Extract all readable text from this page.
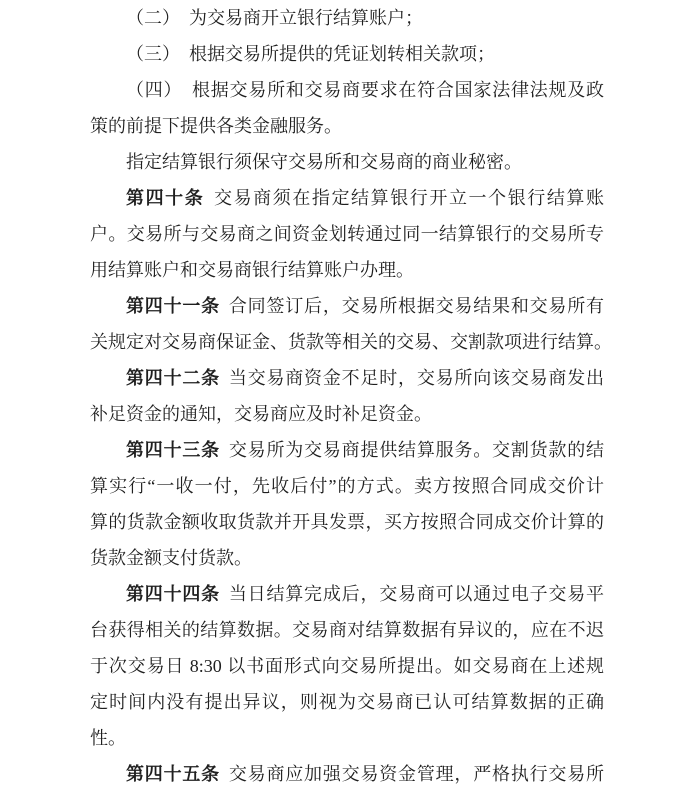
（二）　为交易商开立银行结算账户；

（三）　根据交易所提供的凭证划转相关款项；

（四）　根据交易所和交易商要求在符合国家法律法规及政
策的前提下提供各类金融服务。

指定结算银行须保守交易所和交易商的商业秘密。

第四十条 交易商须在指定结算银行开立一个银行结算账
户。交易所与交易商之间资金划转通过同一结算银行的交易所专
用结算账户和交易商银行结算账户办理。

第四十一条 合同签订后，交易所根据交易结果和交易所有
关规定对交易商保证金、货款等相关的交易、交割款项进行结算。

第四十二条 当交易商资金不足时，交易所向该交易商发出
补足资金的通知，交易商应及时补足资金。

第四十三条 交易所为交易商提供结算服务。交割货款的结
算实行“一收一付，先收后付”的方式。卖方按照合同成交价计
算的货款金额收取货款并开具发票，买方按照合同成交价计算的
货款金额支付货款。

第四十四条 当日结算完成后，交易商可以通过电子交易平
台获得相关的结算数据。交易商对结算数据有异议的，应在不迟
于次交易日 8:30 以书面形式向交易所提出。如交易商在上述规
定时间内没有提出异议，则视为交易商已认可结算数据的正确
性。

第四十五条 交易商应加强交易资金管理，严格执行交易所
